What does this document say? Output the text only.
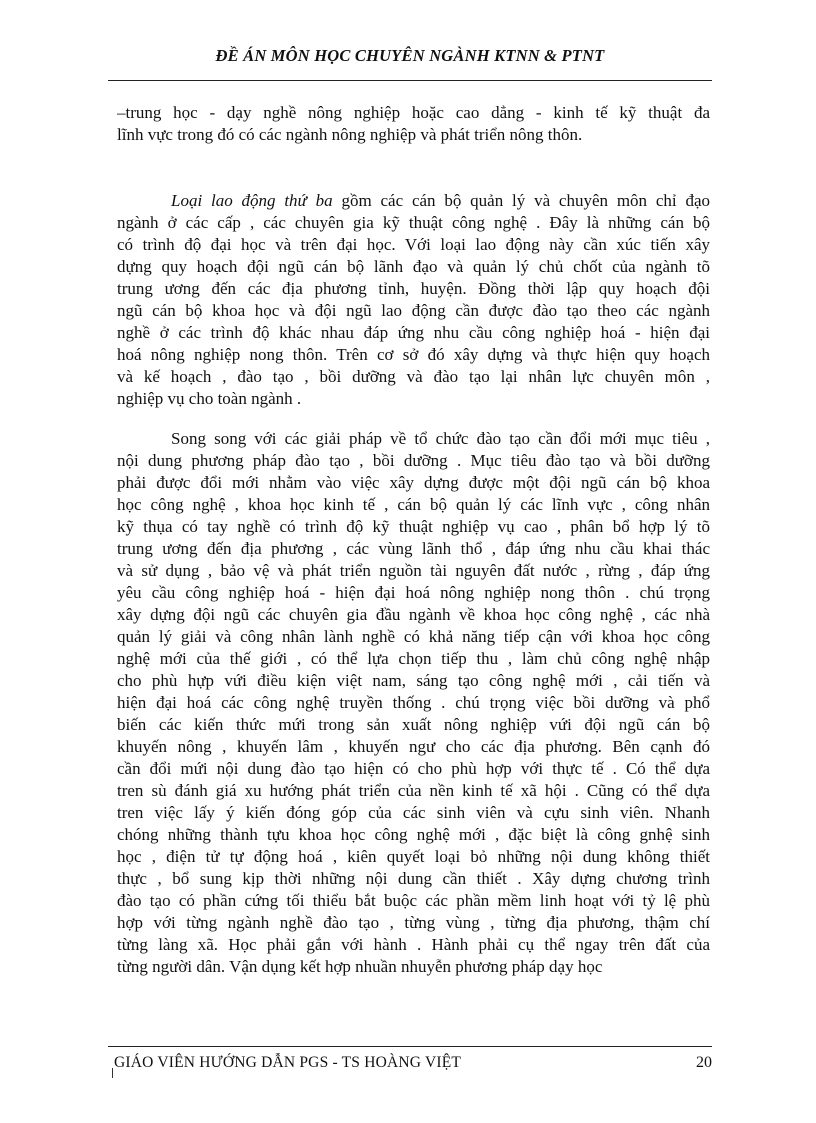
ĐỀ ÁN MÔN HỌC CHUYÊN NGÀNH KTNN & PTNT
–trung học - dạy nghề nông nghiệp hoặc cao dẳng - kinh tế kỹ thuật đa
lĩnh vực trong đó có các ngành nông nghiệp và phát triển nông thôn.
Loại lao động thứ ba gồm các cán bộ quản lý và chuyên môn chỉ đạo
ngành ở các cấp , các chuyên gia kỹ thuật công nghệ . Đây là những cán bộ
có trình độ đại học và trên đại học. Với loại lao động này cần xúc tiến xây
dựng quy hoạch đội ngũ cán bộ lãnh đạo và quản lý chủ chốt của ngành tõ
trung ương đến các địa phương tỉnh, huyện. Đồng thời lập quy hoạch đội
ngũ cán bộ khoa học và đội ngũ lao động cần được đào tạo theo các ngành
nghề ở các trình độ khác nhau đáp ứng nhu cầu công nghiệp hoá - hiện đại
hoá nông nghiệp nong thôn. Trên cơ sở đó xây dựng và thực hiện quy hoạch
và kế hoạch , đào tạo , bồi dưỡng và đào tạo lại nhân lực chuyên môn ,
nghiệp vụ cho toàn ngành .
Song song với các giải pháp về tổ chức đào tạo cần đổi mới mục tiêu ,
nội dung phương pháp đào tạo , bồi dưỡng . Mục tiêu đào tạo và bồi dưỡng
phải được đổi mới nhằm vào việc xây dựng được một đội ngũ cán bộ khoa
học công nghệ , khoa học kinh tế , cán bộ quản lý các lĩnh vực , công nhân
kỹ thụa có tay nghề có trình độ kỹ thuật nghiệp vụ cao , phân bổ hợp lý tõ
trung ương đến địa phương , các vùng lãnh thổ , đáp ứng nhu cầu khai thác
và sử dụng , bảo vệ và phát triển nguồn tài nguyên đất nước , rừng , đáp ứng
yêu cầu công nghiệp hoá - hiện đại hoá nông nghiệp nong thôn . chú trọng
xây dựng đội ngũ các chuyên gia đầu ngành về khoa học công nghệ , các nhà
quản lý giải và công nhân lành nghề có khả năng tiếp cận với khoa học công
nghệ mới của thế giới , có thể lựa chọn tiếp thu , làm chủ công nghệ nhập
cho phù hựp vứi điều kiện việt nam, sáng tạo công nghệ mới , cải tiến và
hiện đại hoá các công nghệ truyền thống . chú trọng việc bồi dưỡng và phổ
biến các kiến thức mứi trong sản xuất nông nghiệp vứi đội ngũ cán bộ
khuyến nông , khuyến lâm , khuyến ngư cho các địa phương. Bên cạnh đó
cần đổi mứi nội dung đào tạo hiện có cho phù hợp với thực tế . Có thể dựa
tren sù đánh giá xu hướng phát triển của nền kinh tế xã hội . Cũng có thể dựa
tren việc lấy ý kiến đóng góp của các sinh viên và cựu sinh viên. Nhanh
chóng những thành tựu khoa học công nghệ mới , đặc biệt là công gnhệ sinh
học , điện tử tự động hoá , kiên quyết loại bỏ những nội dung không thiết
thực , bổ sung kịp thời những nội dung cần thiết . Xây dựng chương trình
đào tạo có phần cứng tối thiểu bắt buộc các phần mềm linh hoạt với tỷ lệ phù
hợp với từng ngành nghề đào tạo , từng vùng , từng địa phương, thậm chí
từng làng xã. Học phải gắn với hành . Hành phải cụ thể ngay trên đất của
từng người dân. Vận dụng kết hợp nhuần nhuyễn phương pháp dạy học
GIÁO VIÊN HƯỚNG DẪN PGS - TS HOÀNG VIỆT	20
